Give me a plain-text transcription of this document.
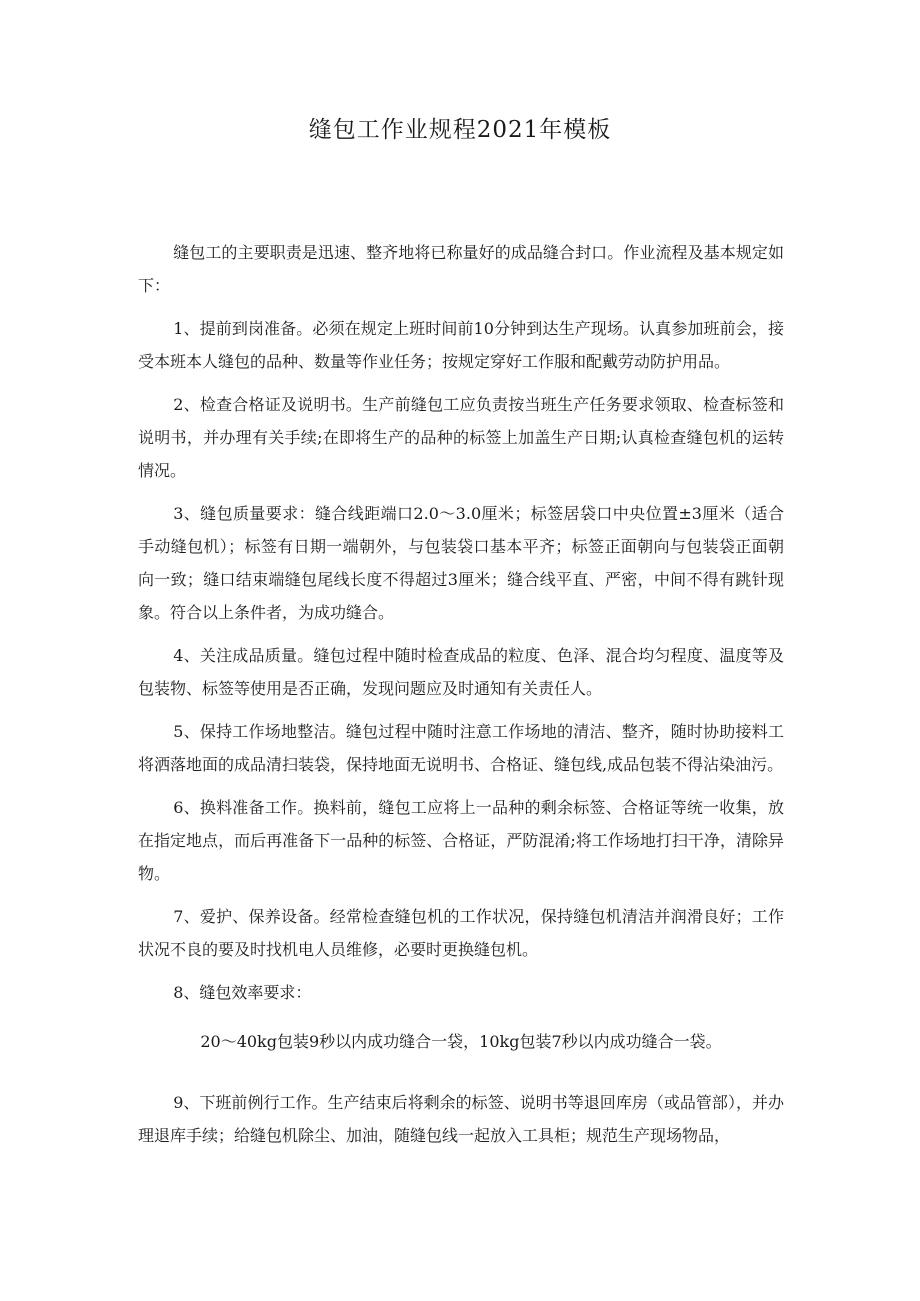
缝包工作业规程2021年模板

缝包工的主要职责是迅速、整齐地将已称量好的成品缝合封口。作业流程及基本规定如下：

1、提前到岗准备。必须在规定上班时间前10分钟到达生产现场。认真参加班前会，接受本班本人缝包的品种、数量等作业任务；按规定穿好工作服和配戴劳动防护用品。

2、检查合格证及说明书。生产前缝包工应负责按当班生产任务要求领取、检查标签和说明书，并办理有关手续;在即将生产的品种的标签上加盖生产日期;认真检查缝包机的运转情况。

3、缝包质量要求：缝合线距端口2.0～3.0厘米；标签居袋口中央位置±3厘米（适合手动缝包机）；标签有日期一端朝外，与包装袋口基本平齐；标签正面朝向与包装袋正面朝向一致；缝口结束端缝包尾线长度不得超过3厘米；缝合线平直、严密，中间不得有跳针现象。符合以上条件者，为成功缝合。

4、关注成品质量。缝包过程中随时检查成品的粒度、色泽、混合均匀程度、温度等及包装物、标签等使用是否正确，发现问题应及时通知有关责任人。

5、保持工作场地整洁。缝包过程中随时注意工作场地的清洁、整齐，随时协助接料工将洒落地面的成品清扫装袋，保持地面无说明书、合格证、缝包线,成品包装不得沾染油污。

6、换料准备工作。换料前，缝包工应将上一品种的剩余标签、合格证等统一收集，放在指定地点，而后再准备下一品种的标签、合格证，严防混淆;将工作场地打扫干净，清除异物。

7、爱护、保养设备。经常检查缝包机的工作状况，保持缝包机清洁并润滑良好；工作状况不良的要及时找机电人员维修，必要时更换缝包机。

8、缝包效率要求：

20～40kg包装9秒以内成功缝合一袋，10kg包装7秒以内成功缝合一袋。

9、下班前例行工作。生产结束后将剩余的标签、说明书等退回库房（或品管部），并办理退库手续；给缝包机除尘、加油，随缝包线一起放入工具柜；规范生产现场物品，
